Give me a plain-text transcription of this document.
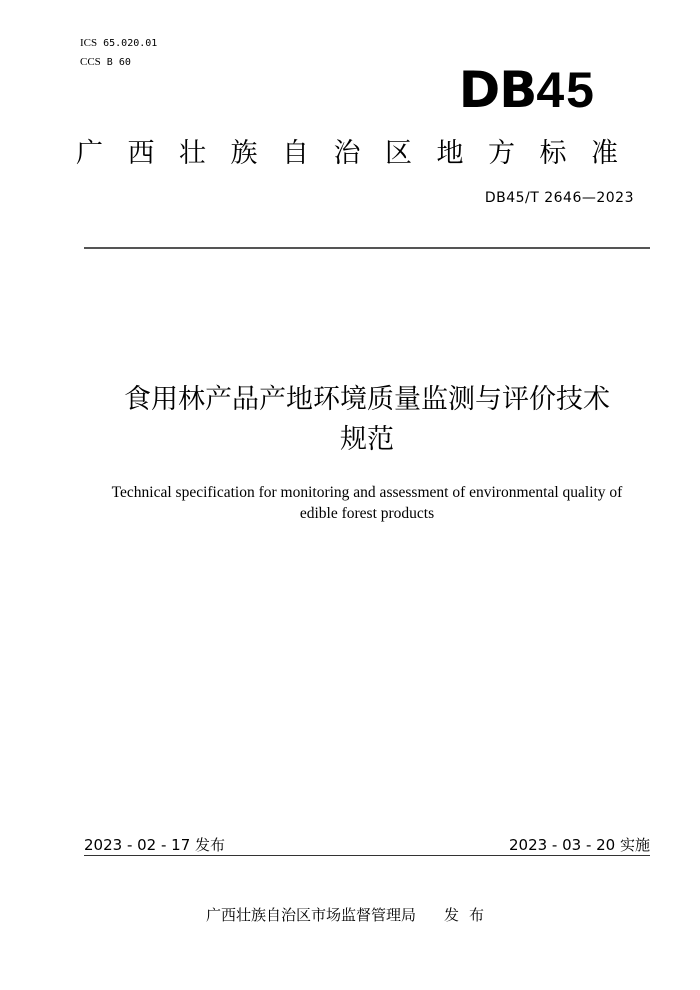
ICS 65.020.01
CCS B 60	DB45
广西壮族自治区地方标准
DB45/T 2646—2023
食用林产品产地环境质量监测与评价技术
规范
Technical specification for monitoring and assessment of environmental quality of
edible forest products
2023 - 02 - 17 发布	2023 - 03 - 20 实施
广西壮族自治区市场监督管理局 发布
